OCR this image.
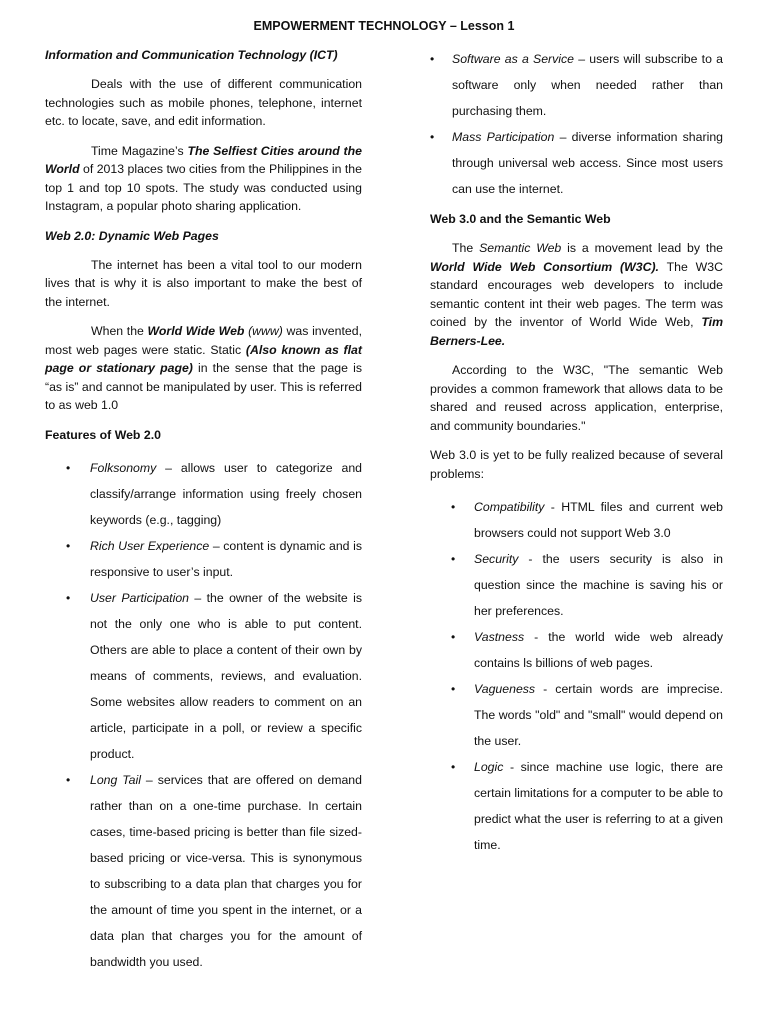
EMPOWERMENT TECHNOLOGY – Lesson 1
Information and Communication Technology (ICT)
Deals with the use of different communication technologies such as mobile phones, telephone, internet etc. to locate, save, and edit information.
Time Magazine’s The Selfiest Cities around the World of 2013 places two cities from the Philippines in the top 1 and top 10 spots. The study was conducted using Instagram, a popular photo sharing application.
Web 2.0: Dynamic Web Pages
The internet has been a vital tool to our modern lives that is why it is also important to make the best of the internet.
When the World Wide Web (www) was invented, most web pages were static. Static (Also known as flat page or stationary page) in the sense that the page is “as is” and cannot be manipulated by user. This is referred to as web 1.0
Features of Web 2.0
• Folksonomy – allows user to categorize and classify/arrange information using freely chosen keywords (e.g., tagging)
• Rich User Experience – content is dynamic and is responsive to user’s input.
• User Participation – the owner of the website is not the only one who is able to put content. Others are able to place a content of their own by means of comments, reviews, and evaluation. Some websites allow readers to comment on an article, participate in a poll, or review a specific product.
• Long Tail – services that are offered on demand rather than on a one-time purchase. In certain cases, time-based pricing is better than file sized-based pricing or vice-versa. This is synonymous to subscribing to a data plan that charges you for the amount of time you spent in the internet, or a data plan that charges you for the amount of bandwidth you used.
• Software as a Service – users will subscribe to a software only when needed rather than purchasing them.
• Mass Participation – diverse information sharing through universal web access. Since most users can use the internet.
Web 3.0 and the Semantic Web
The Semantic Web is a movement lead by the World Wide Web Consortium (W3C). The W3C standard encourages web developers to include semantic content int their web pages. The term was coined by the inventor of World Wide Web, Tim Berners-Lee.
According to the W3C, "The semantic Web provides a common framework that allows data to be shared and reused across application, enterprise, and community boundaries."
Web 3.0 is yet to be fully realized because of several problems:
• Compatibility - HTML files and current web browsers could not support Web 3.0
• Security - the users security is also in question since the machine is saving his or her preferences.
• Vastness - the world wide web already contains ls billions of web pages.
• Vagueness - certain words are imprecise. The words "old" and "small" would depend on the user.
• Logic - since machine use logic, there are certain limitations for a computer to be able to predict what the user is referring to at a given time.
